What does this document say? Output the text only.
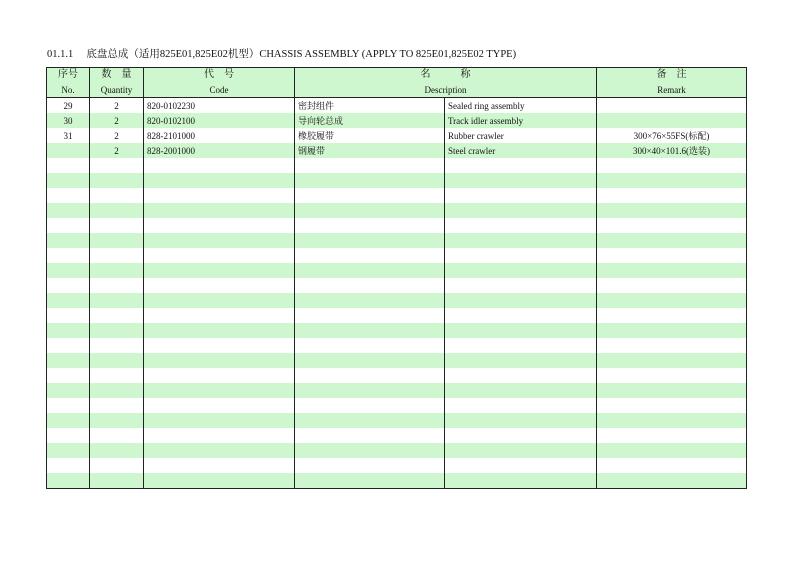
01.1.1 　底盘总成（适用825E01,825E02机型）CHASSIS ASSEMBLY (APPLY TO 825E01,825E02 TYPE)
序号	数　量	代　号	名　　　称		备　注
No.	Quantity	Code	Description		Remark
29	2	820-0102230	密封组件	Sealed ring assembly	
30	2	820-0102100	导向轮总成	Track idler assembly	
31	2	828-2101000	橡胶履带	Rubber crawler	300×76×55FS(标配)
	2	828-2001000	钢履带	Steel crawler	300×40×101.6(选装)
